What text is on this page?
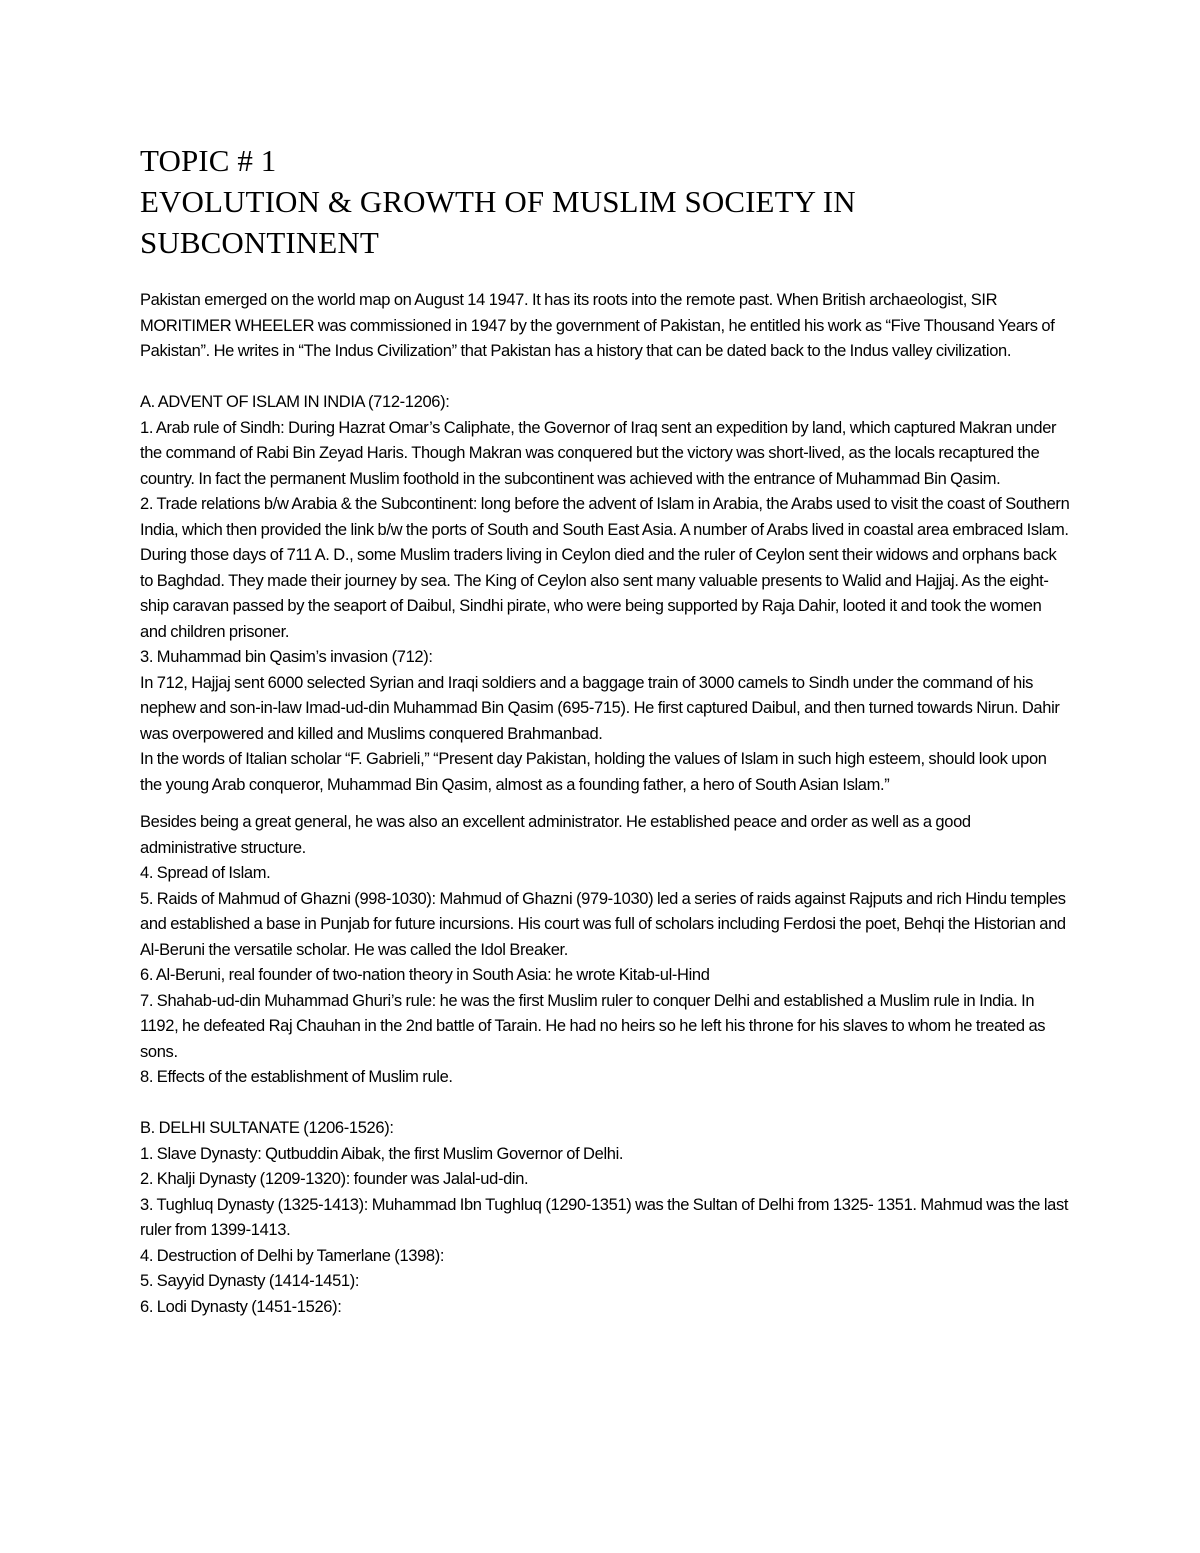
TOPIC # 1
EVOLUTION & GROWTH OF MUSLIM SOCIETY IN
SUBCONTINENT

Pakistan emerged on the world map on August 14 1947. It has its roots into the remote past. When British archaeologist, SIR MORITIMER WHEELER was commissioned in 1947 by the government of Pakistan, he entitled his work as “Five Thousand Years of Pakistan”. He writes in “The Indus Civilization” that Pakistan has a history that can be dated back to the Indus valley civilization.

A. ADVENT OF ISLAM IN INDIA (712-1206):

1. Arab rule of Sindh: During Hazrat Omar’s Caliphate, the Governor of Iraq sent an expedition by land, which captured Makran under the command of Rabi Bin Zeyad Haris. Though Makran was conquered but the victory was short-lived, as the locals recaptured the country. In fact the permanent Muslim foothold in the subcontinent was achieved with the entrance of Muhammad Bin Qasim.

2. Trade relations b/w Arabia & the Subcontinent: long before the advent of Islam in Arabia, the Arabs used to visit the coast of Southern India, which then provided the link b/w the ports of South and South East Asia. A number of Arabs lived in coastal area embraced Islam. During those days of 711 A. D., some Muslim traders living in Ceylon died and the ruler of Ceylon sent their widows and orphans back to Baghdad. They made their journey by sea. The King of Ceylon also sent many valuable presents to Walid and Hajjaj. As the eight-ship caravan passed by the seaport of Daibul, Sindhi pirate, who were being supported by Raja Dahir, looted it and took the women and children prisoner.

3. Muhammad bin Qasim’s invasion (712):

In 712, Hajjaj sent 6000 selected Syrian and Iraqi soldiers and a baggage train of 3000 camels to Sindh under the command of his nephew and son-in-law Imad-ud-din Muhammad Bin Qasim (695-715). He first captured Daibul, and then turned towards Nirun. Dahir was overpowered and killed and Muslims conquered Brahmanbad.

In the words of Italian scholar “F. Gabrieli,” “Present day Pakistan, holding the values of Islam in such high esteem, should look upon the young Arab conqueror, Muhammad Bin Qasim, almost as a founding father, a hero of South Asian Islam.”

Besides being a great general, he was also an excellent administrator. He established peace and order as well as a good administrative structure.

4. Spread of Islam.

5. Raids of Mahmud of Ghazni (998-1030): Mahmud of Ghazni (979-1030) led a series of raids against Rajputs and rich Hindu temples and established a base in Punjab for future incursions. His court was full of scholars including Ferdosi the poet, Behqi the Historian and Al-Beruni the versatile scholar. He was called the Idol Breaker.

6. Al-Beruni, real founder of two-nation theory in South Asia: he wrote Kitab-ul-Hind

7. Shahab-ud-din Muhammad Ghuri’s rule: he was the first Muslim ruler to conquer Delhi and established a Muslim rule in India. In 1192, he defeated Raj Chauhan in the 2nd battle of Tarain. He had no heirs so he left his throne for his slaves to whom he treated as sons.

8. Effects of the establishment of Muslim rule.

B. DELHI SULTANATE (1206-1526):

1. Slave Dynasty: Qutbuddin Aibak, the first Muslim Governor of Delhi.

2. Khalji Dynasty (1209-1320): founder was Jalal-ud-din.

3. Tughluq Dynasty (1325-1413): Muhammad Ibn Tughluq (1290-1351) was the Sultan of Delhi from 1325- 1351. Mahmud was the last ruler from 1399-1413.

4. Destruction of Delhi by Tamerlane (1398):

5. Sayyid Dynasty (1414-1451):

6. Lodi Dynasty (1451-1526):
